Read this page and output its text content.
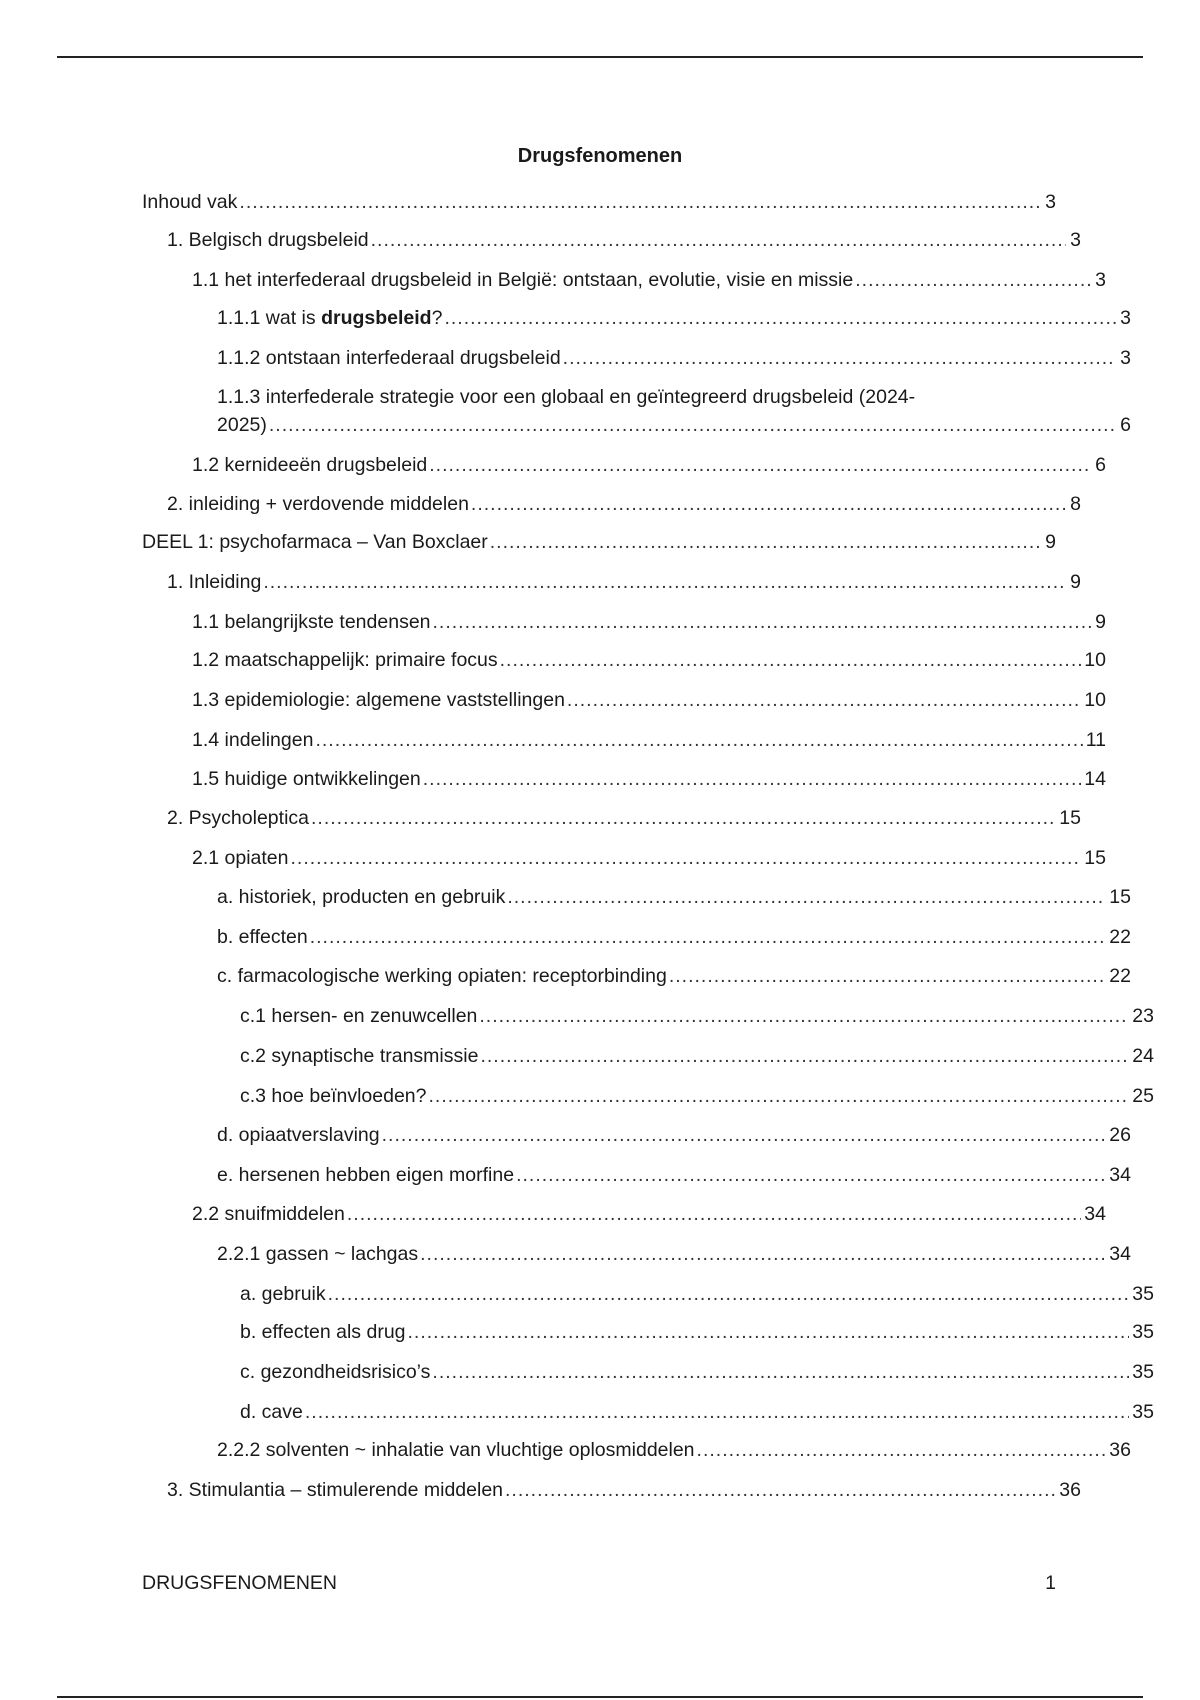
Drugsfenomenen
Inhoud vak .....	3
1. Belgisch drugsbeleid .....	3
1.1 het interfederaal drugsbeleid in België: ontstaan, evolutie, visie en missie .....	3
1.1.1 wat is drugsbeleid? .....	3
1.1.2 ontstaan interfederaal drugsbeleid .....	3
1.1.3 interfederale strategie voor een globaal en geïntegreerd drugsbeleid (2024-
2025) .....	6
1.2 kernideeën drugsbeleid .....	6
2. inleiding + verdovende middelen .....	8
DEEL 1: psychofarmaca – Van Boxclaer .....	9
1. Inleiding .....	9
1.1 belangrijkste tendensen .....	9
1.2 maatschappelijk: primaire focus .....	10
1.3 epidemiologie: algemene vaststellingen .....	10
1.4 indelingen .....	11
1.5 huidige ontwikkelingen .....	14
2. Psycholeptica .....	15
2.1 opiaten .....	15
a. historiek, producten en gebruik .....	15
b. effecten .....	22
c. farmacologische werking opiaten: receptorbinding .....	22
c.1 hersen- en zenuwcellen .....	23
c.2 synaptische transmissie .....	24
c.3 hoe beïnvloeden? .....	25
d. opiaatverslaving .....	26
e. hersenen hebben eigen morfine .....	34
2.2 snuifmiddelen .....	34
2.2.1 gassen ~ lachgas .....	34
a. gebruik .....	35
b. effecten als drug .....	35
c. gezondheidsrisico’s .....	35
d. cave .....	35
2.2.2 solventen ~ inhalatie van vluchtige oplosmiddelen .....	36
3. Stimulantia – stimulerende middelen .....	36
DRUGSFENOMENEN	1
